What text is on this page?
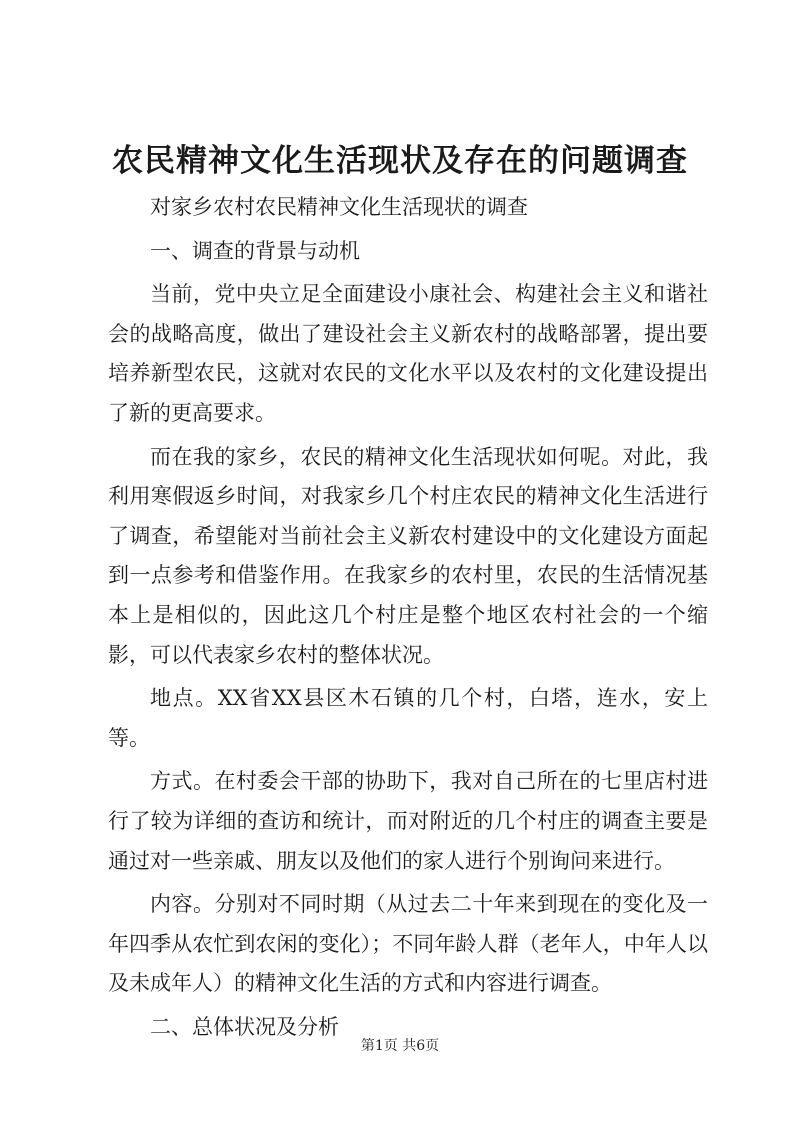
农民精神文化生活现状及存在的问题调查

对家乡农村农民精神文化生活现状的调查

一、调查的背景与动机

当前，党中央立足全面建设小康社会、构建社会主义和谐社会的战略高度，做出了建设社会主义新农村的战略部署，提出要培养新型农民，这就对农民的文化水平以及农村的文化建设提出了新的更高要求。

而在我的家乡，农民的精神文化生活现状如何呢。对此，我利用寒假返乡时间，对我家乡几个村庄农民的精神文化生活进行了调查，希望能对当前社会主义新农村建设中的文化建设方面起到一点参考和借鉴作用。在我家乡的农村里，农民的生活情况基本上是相似的，因此这几个村庄是整个地区农村社会的一个缩影，可以代表家乡农村的整体状况。

地点。XX省XX县区木石镇的几个村，白塔，连水，安上等。

方式。在村委会干部的协助下，我对自己所在的七里店村进行了较为详细的查访和统计，而对附近的几个村庄的调查主要是通过对一些亲戚、朋友以及他们的家人进行个别询问来进行。

内容。分别对不同时期（从过去二十年来到现在的变化及一年四季从农忙到农闲的变化）；不同年龄人群（老年人，中年人以及未成年人）的精神文化生活的方式和内容进行调查。

二、总体状况及分析

第1页 共6页
